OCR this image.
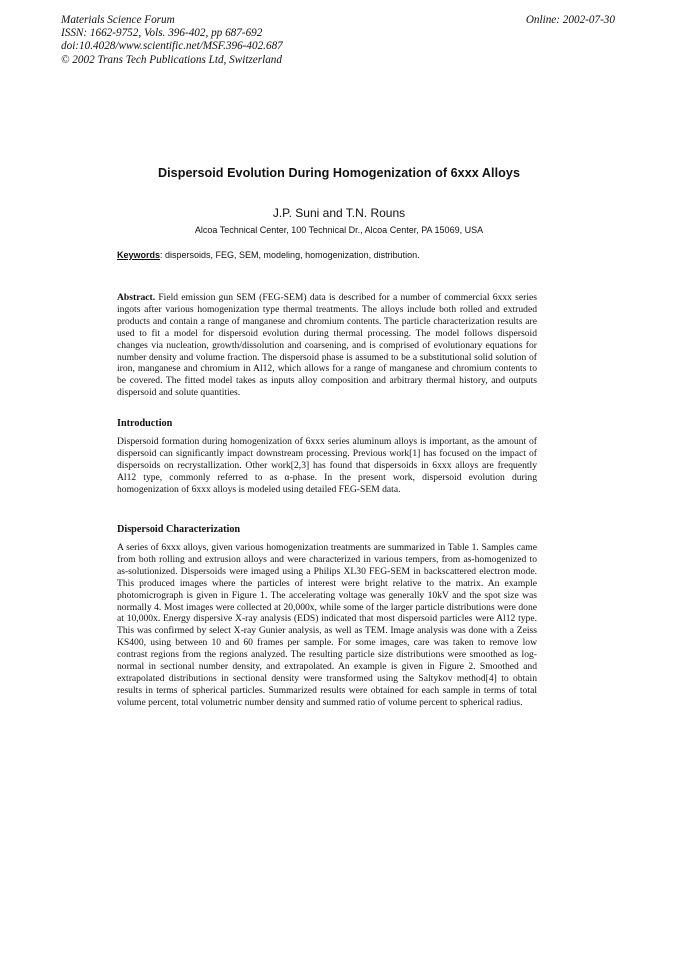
Materials Science Forum
ISSN: 1662-9752, Vols. 396-402, pp 687-692
doi:10.4028/www.scientific.net/MSF.396-402.687
© 2002 Trans Tech Publications Ltd, Switzerland
Online: 2002-07-30
Dispersoid Evolution During Homogenization of 6xxx Alloys
J.P. Suni and T.N. Rouns
Alcoa Technical Center, 100 Technical Dr., Alcoa Center, PA 15069, USA
Keywords: dispersoids, FEG, SEM, modeling, homogenization, distribution.

Abstract. Field emission gun SEM (FEG-SEM) data is described for a number of commercial 6xxx series ingots after various homogenization type thermal treatments. The alloys include both rolled and extruded products and contain a range of manganese and chromium contents. The particle characterization results are used to fit a model for dispersoid evolution during thermal processing. The model follows dispersoid changes via nucleation, growth/dissolution and coarsening, and is comprised of evolutionary equations for number density and volume fraction. The dispersoid phase is assumed to be a substitutional solid solution of iron, manganese and chromium in Al12, which allows for a range of manganese and chromium contents to be covered. The fitted model takes as inputs alloy composition and arbitrary thermal history, and outputs dispersoid and solute quantities.

Introduction

Dispersoid formation during homogenization of 6xxx series aluminum alloys is important, as the amount of dispersoid can significantly impact downstream processing. Previous work[1] has focused on the impact of dispersoids on recrystallization. Other work[2,3] has found that dispersoids in 6xxx alloys are frequently Al12 type, commonly referred to as α-phase. In the present work, dispersoid evolution during homogenization of 6xxx alloys is modeled using detailed FEG-SEM data.

Dispersoid Characterization

A series of 6xxx alloys, given various homogenization treatments are summarized in Table 1. Samples came from both rolling and extrusion alloys and were characterized in various tempers, from as-homogenized to as-solutionized. Dispersoids were imaged using a Philips XL30 FEG-SEM in backscattered electron mode. This produced images where the particles of interest were bright relative to the matrix. An example photomicrograph is given in Figure 1. The accelerating voltage was generally 10kV and the spot size was normally 4. Most images were collected at 20,000x, while some of the larger particle distributions were done at 10,000x. Energy dispersive X-ray analysis (EDS) indicated that most dispersoid particles were Al12 type. This was confirmed by select X-ray Gunier analysis, as well as TEM. Image analysis was done with a Zeiss KS400, using between 10 and 60 frames per sample. For some images, care was taken to remove low contrast regions from the regions analyzed. The resulting particle size distributions were smoothed as log-normal in sectional number density, and extrapolated. An example is given in Figure 2. Smoothed and extrapolated distributions in sectional density were transformed using the Saltykov method[4] to obtain results in terms of spherical particles. Summarized results were obtained for each sample in terms of total volume percent, total volumetric number density and summed ratio of volume percent to spherical radius.
